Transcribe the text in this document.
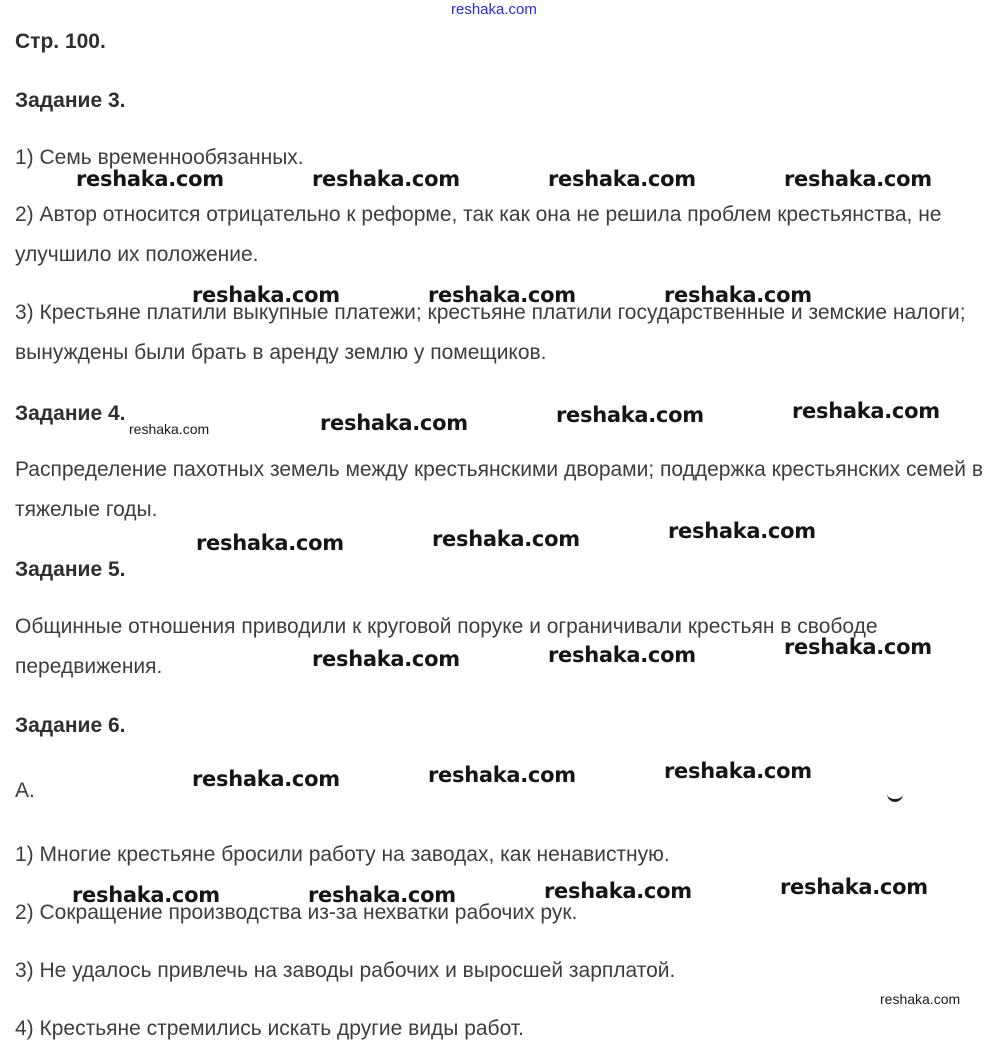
reshaka.com
Стр. 100.
Задание 3.
1) Семь временнообязанных.
2) Автор относится отрицательно к реформе, так как она не решила проблем крестьянства, не улучшило их положение.
3) Крестьяне платили выкупные платежи; крестьяне платили государственные и земские налоги; вынуждены были брать в аренду землю у помещиков.
Задание 4.
Распределение пахотных земель между крестьянскими дворами; поддержка крестьянских семей в тяжелые годы.
Задание 5.
Общинные отношения приводили к круговой поруке и ограничивали крестьян в свободе передвижения.
Задание 6.
А.
1) Многие крестьяне бросили работу на заводах, как ненавистную.
2) Сокращение производства из-за нехватки рабочих рук.
3) Не удалось привлечь на заводы рабочих и выросшей зарплатой.
4) Крестьяне стремились искать другие виды работ.
reshaka.com	reshaka.com	reshaka.com	reshaka.com
reshaka.com	reshaka.com	reshaka.com
reshaka.com	reshaka.com	reshaka.com	reshaka.com
reshaka.com	reshaka.com	reshaka.com
reshaka.com	reshaka.com	reshaka.com
reshaka.com	reshaka.com	reshaka.com
reshaka.com	reshaka.com	reshaka.com	reshaka.com
reshaka.com
